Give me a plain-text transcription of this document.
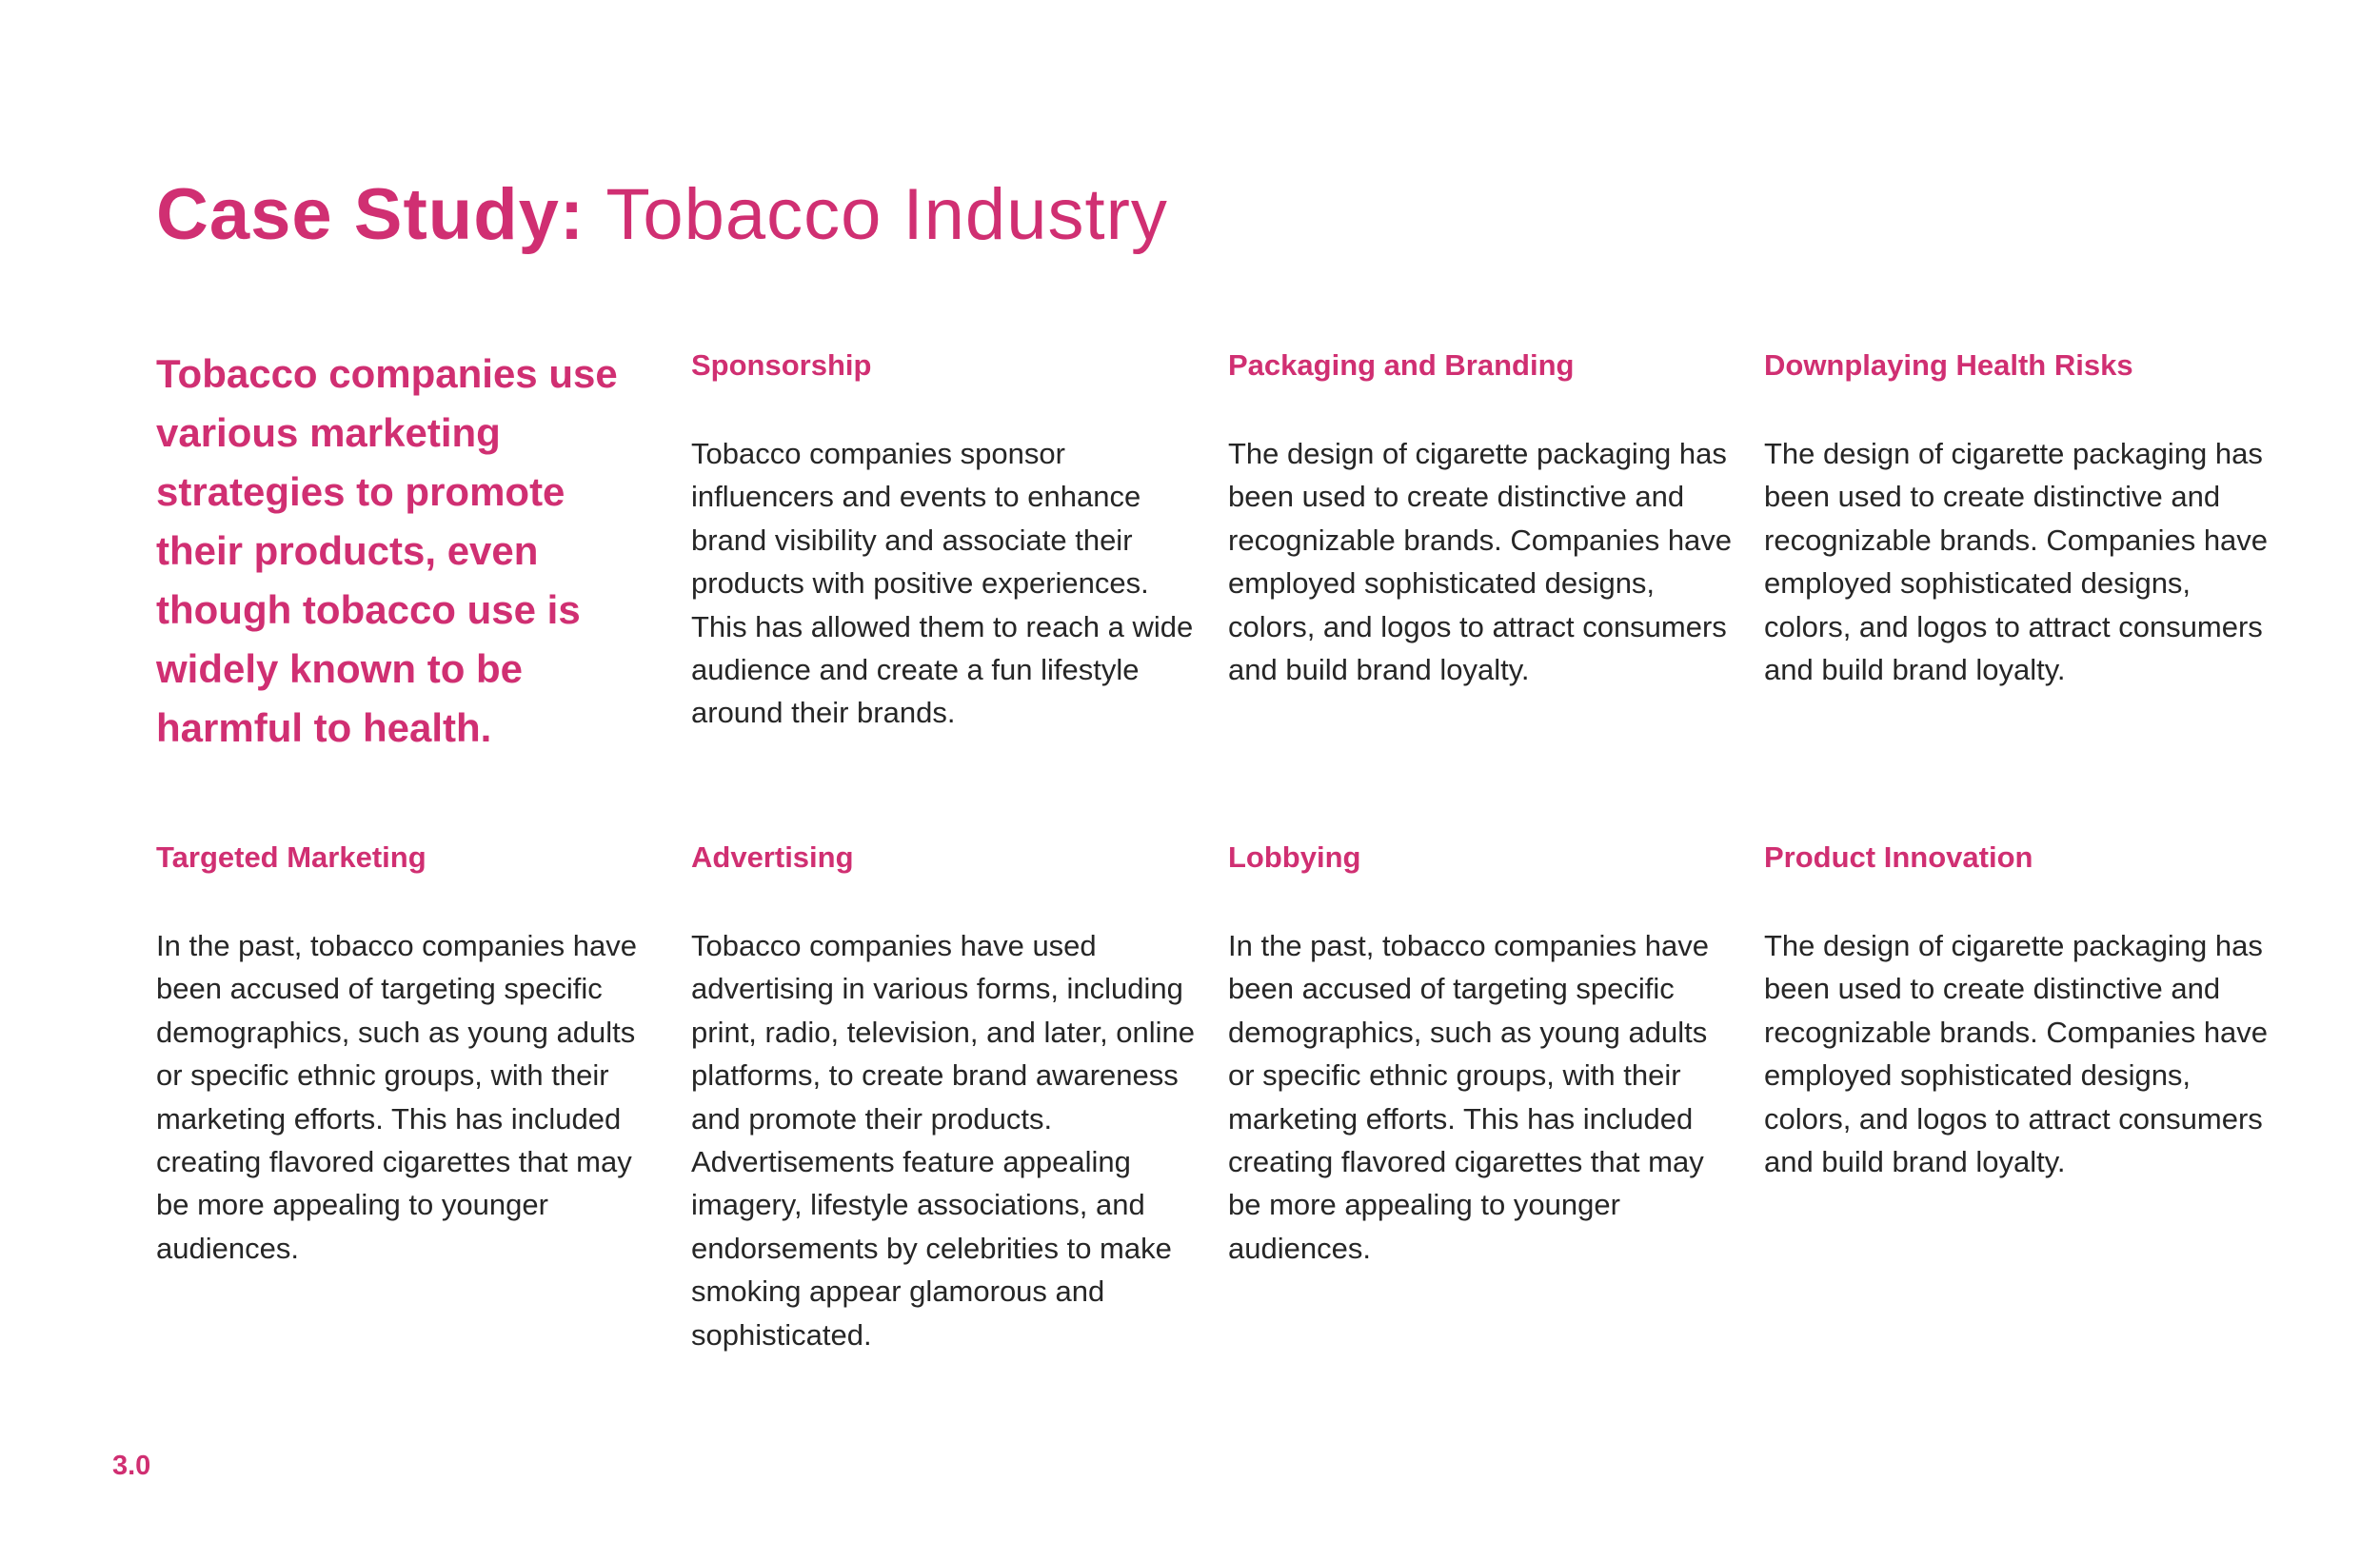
Case Study: Tobacco Industry

Tobacco companies use various marketing strategies to promote their products, even though tobacco use is widely known to be harmful to health.

Sponsorship

Tobacco companies sponsor influencers and events to enhance brand visibility and associate their products with positive experiences. This has allowed them to reach a wide audience and create a fun lifestyle around their brands.

Packaging and Branding

The design of cigarette packaging has been used to create distinctive and recognizable brands. Companies have employed sophisticated designs, colors, and logos to attract consumers and build brand loyalty.

Downplaying Health Risks

The design of cigarette packaging has been used to create distinctive and recognizable brands. Companies have employed sophisticated designs, colors, and logos to attract consumers and build brand loyalty.

Targeted Marketing

In the past, tobacco companies have been accused of targeting specific demographics, such as young adults or specific ethnic groups, with their marketing efforts. This has included creating flavored cigarettes that may be more appealing to younger audiences.

Advertising

Tobacco companies have used advertising in various forms, including print, radio, television, and later, online platforms, to create brand awareness and promote their products. Advertisements feature appealing imagery, lifestyle associations, and endorsements by celebrities to make smoking appear glamorous and sophisticated.

Lobbying

In the past, tobacco companies have been accused of targeting specific demographics, such as young adults or specific ethnic groups, with their marketing efforts. This has included creating flavored cigarettes that may be more appealing to younger audiences.

Product Innovation

The design of cigarette packaging has been used to create distinctive and recognizable brands. Companies have employed sophisticated designs, colors, and logos to attract consumers and build brand loyalty.

3.0
